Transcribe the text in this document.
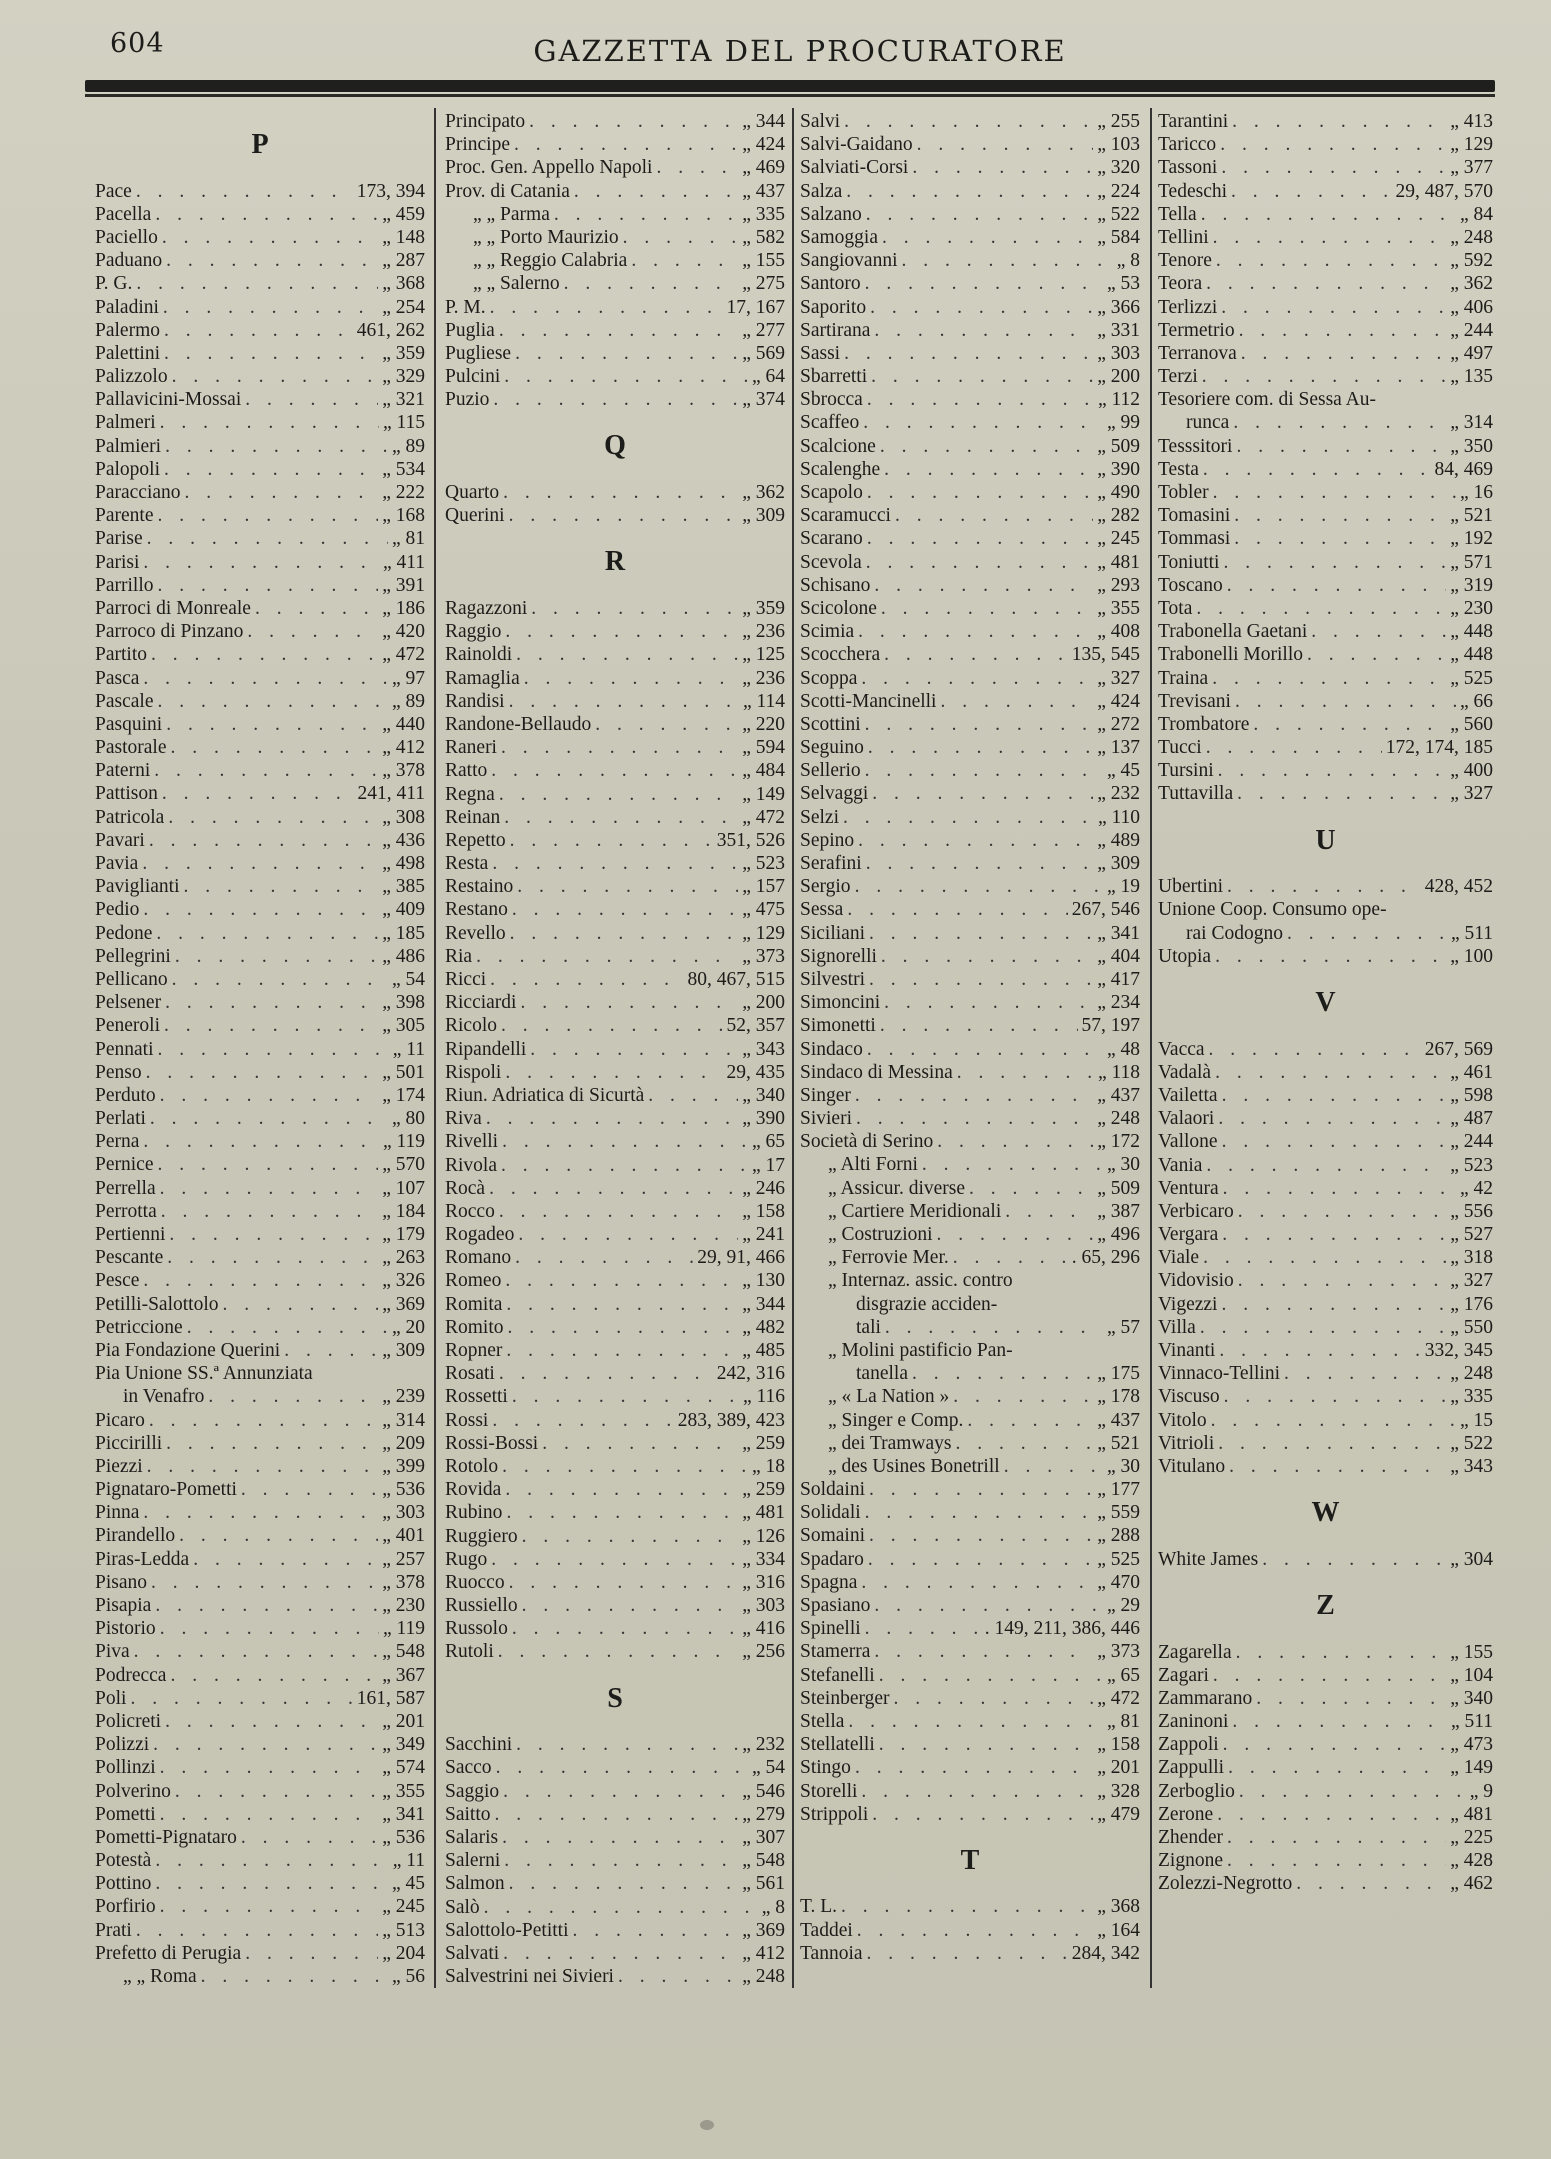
604	GAZZETTA DEL PROCURATORE
P
Pace . . .	173, 394
Pacella . . .	„ 459
Paciello . . .	„ 148
Paduano . . .	„ 287
P. G. . . .	„ 368
Paladini . . .	„ 254
Palermo . . .	461, 262
Palettini . . .	„ 359
Palizzolo . . .	„ 329
Pallavicini-Mossai . . .	„ 321
Palmeri . . .	„ 115
Palmieri . . .	„ 89
Palopoli . . .	„ 534
Paracciano . . .	„ 222
Parente . . .	„ 168
Parise . . .	„ 81
Parisi . . .	„ 411
Parrillo . . .	„ 391
Parroci di Monreale . . .	„ 186
Parroco di Pinzano . . .	„ 420
Partito . . .	„ 472
Pasca . . .	„ 97
Pascale . . .	„ 89
Pasquini . . .	„ 440
Pastorale . . .	„ 412
Paterni . . .	„ 378
Pattison . . .	241, 411
Patricola . . .	„ 308
Pavari . . .	„ 436
Pavia . . .	„ 498
Paviglianti . . .	„ 385
Pedio . . .	„ 409
Pedone . . .	„ 185
Pellegrini . . .	„ 486
Pellicano . . .	„ 54
Pelsener . . .	„ 398
Peneroli . . .	„ 305
Pennati . . .	„ 11
Penso . . .	„ 501
Perduto . . .	„ 174
Perlati . . .	„ 80
Perna . . .	„ 119
Pernice . . .	„ 570
Perrella . . .	„ 107
Perrotta . . .	„ 184
Pertienni . . .	„ 179
Pescante . . .	„ 263
Pesce . . .	„ 326
Petilli-Salottolo . . .	„ 369
Petriccione . . .	„ 20
Pia Fondazione Querini . . .	„ 309
Pia Unione SS.ª Annunziata
in Venafro . . .	„ 239
Picaro . . .	„ 314
Piccirilli . . .	„ 209
Piezzi . . .	„ 399
Pignataro-Pometti . . .	„ 536
Pinna . . .	„ 303
Pirandello . . .	„ 401
Piras-Ledda . . .	„ 257
Pisano . . .	„ 378
Pisapia . . .	„ 230
Pistorio . . .	„ 119
Piva . . .	„ 548
Podrecca . . .	„ 367
Poli . . .	161, 587
Policreti . . .	„ 201
Polizzi . . .	„ 349
Pollinzi . . .	„ 574
Polverino . . .	„ 355
Pometti . . .	„ 341
Pometti-Pignataro . . .	„ 536
Potestà . . .	„ 11
Pottino . . .	„ 45
Porfirio . . .	„ 245
Prati . . .	„ 513
Prefetto di Perugia . . .	„ 204
„ „ Roma . . .	„ 56
Principato . . .	„ 344
Principe . . .	„ 424
Proc. Gen. Appello Napoli . . .	„ 469
Prov. di Catania . . .	„ 437
„ „ Parma . . .	„ 335
„ „ Porto Maurizio . . .	„ 582
„ „ Reggio Calabria . . .	„ 155
„ „ Salerno . . .	„ 275
P. M. . . .	17, 167
Puglia . . .	„ 277
Pugliese . . .	„ 569
Pulcini . . .	„ 64
Puzio . . .	„ 374
Q
Quarto . . .	„ 362
Querini . . .	„ 309
R
Ragazzoni . . .	„ 359
Raggio . . .	„ 236
Rainoldi . . .	„ 125
Ramaglia . . .	„ 236
Randisi . . .	„ 114
Randone-Bellaudo . . .	„ 220
Raneri . . .	„ 594
Ratto . . .	„ 484
Regna . . .	„ 149
Reinan . . .	„ 472
Repetto . . .	351, 526
Resta . . .	„ 523
Restaino . . .	„ 157
Restano . . .	„ 475
Revello . . .	„ 129
Ria . . .	„ 373
Ricci . . .	80, 467, 515
Ricciardi . . .	„ 200
Ricolo . . .	52, 357
Ripandelli . . .	„ 343
Rispoli . . .	29, 435
Riun. Adriatica di Sicurtà . . .	„ 340
Riva . . .	„ 390
Rivelli . . .	„ 65
Rivola . . .	„ 17
Rocà . . .	„ 246
Rocco . . .	„ 158
Rogadeo . . .	„ 241
Romano . . .	29, 91, 466
Romeo . . .	„ 130
Romita . . .	„ 344
Romito . . .	„ 482
Ropner . . .	„ 485
Rosati . . .	242, 316
Rossetti . . .	„ 116
Rossi . . .	283, 389, 423
Rossi-Bossi . . .	„ 259
Rotolo . . .	„ 18
Rovida . . .	„ 259
Rubino . . .	„ 481
Ruggiero . . .	„ 126
Rugo . . .	„ 334
Ruocco . . .	„ 316
Russiello . . .	„ 303
Russolo . . .	„ 416
Rutoli . . .	„ 256
S
Sacchini . . .	„ 232
Sacco . . .	„ 54
Saggio . . .	„ 546
Saitto . . .	„ 279
Salaris . . .	„ 307
Salerni . . .	„ 548
Salmon . . .	„ 561
Salò . . .	„ 8
Salottolo-Petitti . . .	„ 369
Salvati . . .	„ 412
Salvestrini nei Sivieri . . .	„ 248
Salvi . . .	„ 255
Salvi-Gaidano . . .	„ 103
Salviati-Corsi . . .	„ 320
Salza . . .	„ 224
Salzano . . .	„ 522
Samoggia . . .	„ 584
Sangiovanni . . .	„ 8
Santoro . . .	„ 53
Saporito . . .	„ 366
Sartirana . . .	„ 331
Sassi . . .	„ 303
Sbarretti . . .	„ 200
Sbrocca . . .	„ 112
Scaffeo . . .	„ 99
Scalcione . . .	„ 509
Scalenghe . . .	„ 390
Scapolo . . .	„ 490
Scaramucci . . .	„ 282
Scarano . . .	„ 245
Scevola . . .	„ 481
Schisano . . .	„ 293
Scicolone . . .	„ 355
Scimia . . .	„ 408
Scocchera . . .	135, 545
Scoppa . . .	„ 327
Scotti-Mancinelli . . .	„ 424
Scottini . . .	„ 272
Seguino . . .	„ 137
Sellerio . . .	„ 45
Selvaggi . . .	„ 232
Selzi . . .	„ 110
Sepino . . .	„ 489
Serafini . . .	„ 309
Sergio . . .	„ 19
Sessa . . .	267, 546
Siciliani . . .	„ 341
Signorelli . . .	„ 404
Silvestri . . .	„ 417
Simoncini . . .	„ 234
Simonetti . . .	57, 197
Sindaco . . .	„ 48
Sindaco di Messina . . .	„ 118
Singer . . .	„ 437
Sivieri . . .	„ 248
Società di Serino . . .	„ 172
„ Alti Forni . . .	„ 30
„ Assicur. diverse . . .	„ 509
„ Cartiere Meridionali . . .	„ 387
„ Costruzioni . . .	„ 496
„ Ferrovie Mer. . . .	. 65, 296
„ Internaz. assic. contro
disgrazie acciden-
tali . . .	„ 57
„ Molini pastificio Pan-
tanella . . .	„ 175
„ « La Nation » . . .	„ 178
„ Singer e Comp. . . .	„ 437
„ dei Tramways . . .	„ 521
„ des Usines Bonetrill . . .	„ 30
Soldaini . . .	„ 177
Solidali . . .	„ 559
Somaini . . .	„ 288
Spadaro . . .	„ 525
Spagna . . .	„ 470
Spasiano . . .	„ 29
Spinelli . . .	. 149, 211, 386, 446
Stamerra . . .	„ 373
Stefanelli . . .	„ 65
Steinberger . . .	„ 472
Stella . . .	„ 81
Stellatelli . . .	„ 158
Stingo . . .	„ 201
Storelli . . .	„ 328
Strippoli . . .	„ 479
T
T. L. . . .	„ 368
Taddei . . .	„ 164
Tannoia . . .	284, 342
Tarantini . . .	„ 413
Taricco . . .	„ 129
Tassoni . . .	„ 377
Tedeschi . . .	29, 487, 570
Tella . . .	„ 84
Tellini . . .	„ 248
Tenore . . .	„ 592
Teora . . .	„ 362
Terlizzi . . .	„ 406
Termetrio . . .	„ 244
Terranova . . .	„ 497
Terzi . . .	„ 135
Tesoriere com. di Sessa Au-
runca . . .	„ 314
Tesssitori . . .	„ 350
Testa . . .	84, 469
Tobler . . .	„ 16
Tomasini . . .	„ 521
Tommasi . . .	„ 192
Toniutti . . .	„ 571
Toscano . . .	„ 319
Tota . . .	„ 230
Trabonella Gaetani . . .	„ 448
Trabonelli Morillo . . .	„ 448
Traina . . .	„ 525
Trevisani . . .	„ 66
Trombatore . . .	„ 560
Tucci . . .	172, 174, 185
Tursini . . .	„ 400
Tuttavilla . . .	„ 327
U
Ubertini . . .	428, 452
Unione Coop. Consumo ope-
rai Codogno . . .	„ 511
Utopia . . .	„ 100
V
Vacca . . .	267, 569
Vadalà . . .	„ 461
Vailetta . . .	„ 598
Valaori . . .	„ 487
Vallone . . .	„ 244
Vania . . .	„ 523
Ventura . . .	„ 42
Verbicaro . . .	„ 556
Vergara . . .	„ 527
Viale . . .	„ 318
Vidovisio . . .	„ 327
Vigezzi . . .	„ 176
Villa . . .	„ 550
Vinanti . . .	332, 345
Vinnaco-Tellini . . .	„ 248
Viscuso . . .	„ 335
Vitolo . . .	„ 15
Vitrioli . . .	„ 522
Vitulano . . .	„ 343
W
White James . . .	„ 304
Z
Zagarella . . .	„ 155
Zagari . . .	„ 104
Zammarano . . .	„ 340
Zaninoni . . .	„ 511
Zappoli . . .	„ 473
Zappulli . . .	„ 149
Zerboglio . . .	„ 9
Zerone . . .	„ 481
Zhender . . .	„ 225
Zignone . . .	„ 428
Zolezzi-Negrotto . . .	„ 462
